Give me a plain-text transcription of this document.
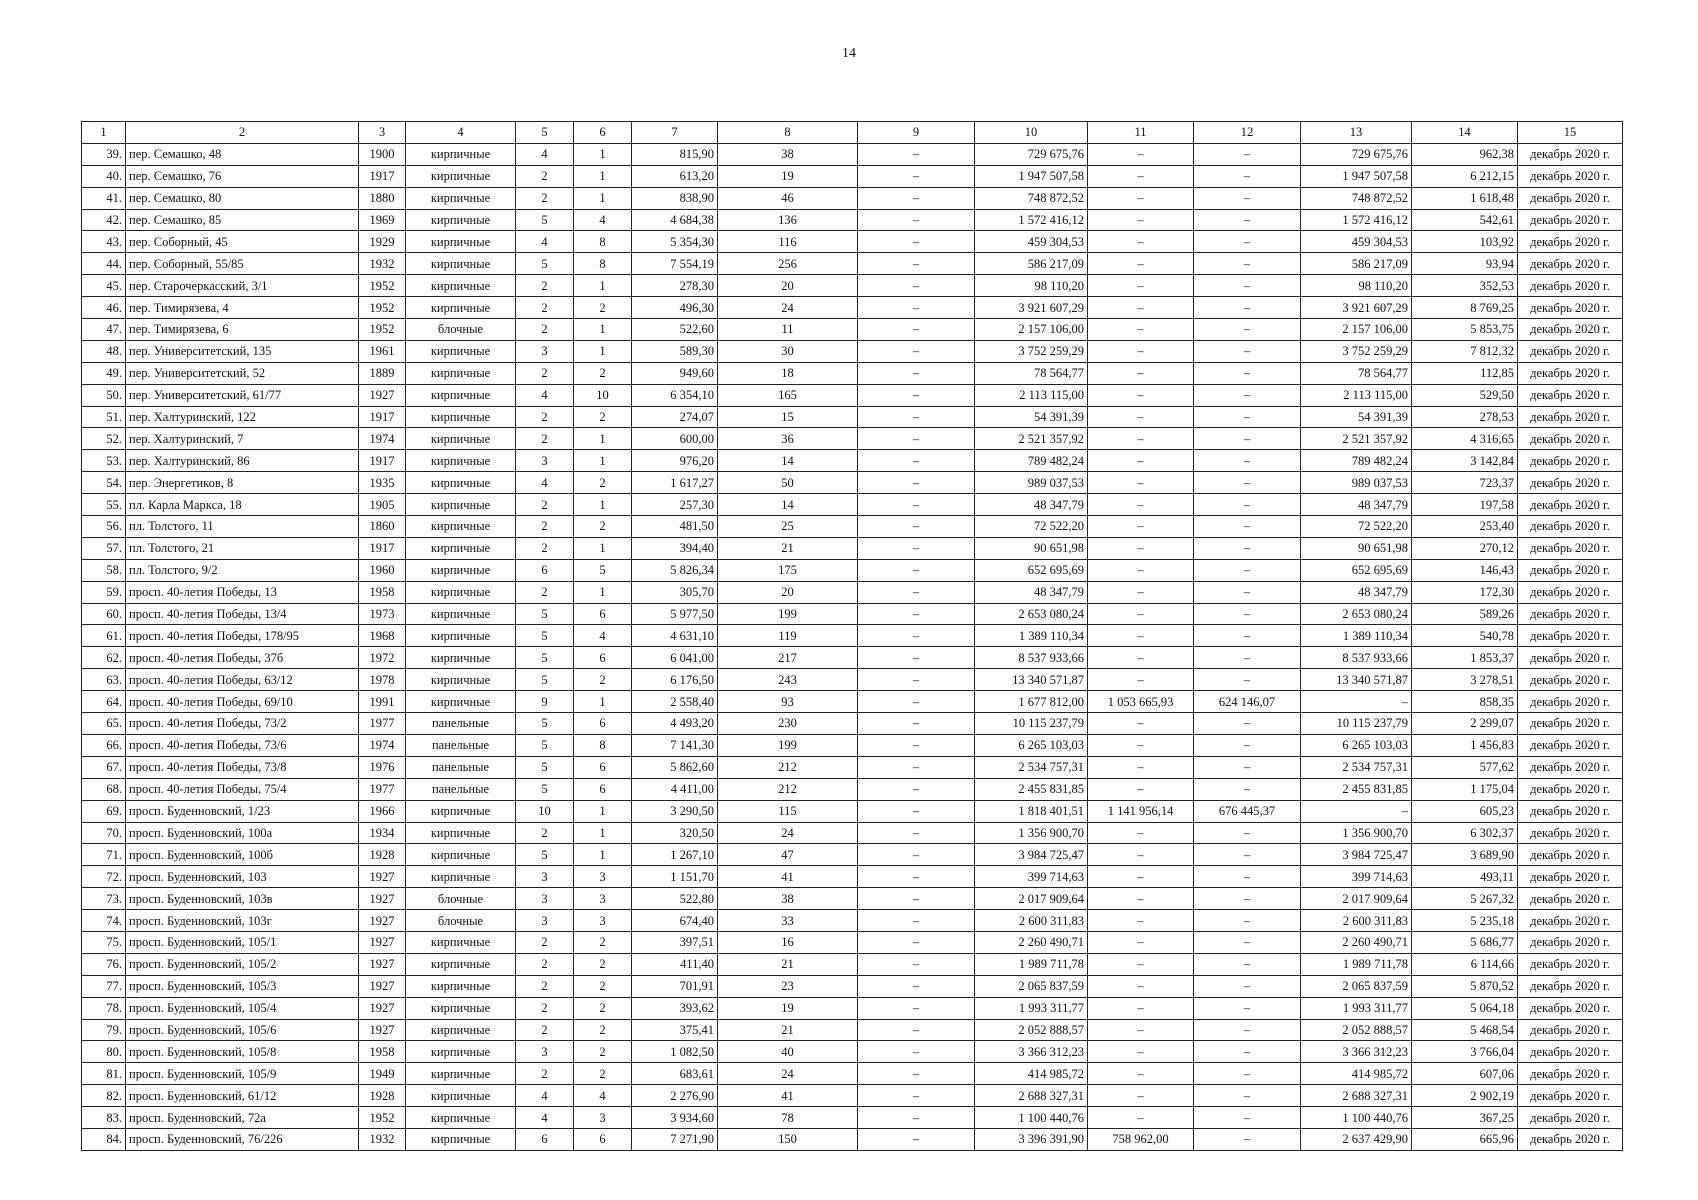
14
1	2	3	4	5	6	7	8	9	10	11	12	13	14	15
39.	пер. Семашко, 48	1900	кирпичные	4	1	815,90	38	–	729 675,76	–	–	729 675,76	962,38	декабрь 2020 г.
40.	пер. Семашко, 76	1917	кирпичные	2	1	613,20	19	–	1 947 507,58	–	–	1 947 507,58	6 212,15	декабрь 2020 г.
41.	пер. Семашко, 80	1880	кирпичные	2	1	838,90	46	–	748 872,52	–	–	748 872,52	1 618,48	декабрь 2020 г.
42.	пер. Семашко, 85	1969	кирпичные	5	4	4 684,38	136	–	1 572 416,12	–	–	1 572 416,12	542,61	декабрь 2020 г.
43.	пер. Соборный, 45	1929	кирпичные	4	8	5 354,30	116	–	459 304,53	–	–	459 304,53	103,92	декабрь 2020 г.
44.	пер. Соборный, 55/85	1932	кирпичные	5	8	7 554,19	256	–	586 217,09	–	–	586 217,09	93,94	декабрь 2020 г.
45.	пер. Старочеркасский, 3/1	1952	кирпичные	2	1	278,30	20	–	98 110,20	–	–	98 110,20	352,53	декабрь 2020 г.
46.	пер. Тимирязева, 4	1952	кирпичные	2	2	496,30	24	–	3 921 607,29	–	–	3 921 607,29	8 769,25	декабрь 2020 г.
47.	пер. Тимирязева, 6	1952	блочные	2	1	522,60	11	–	2 157 106,00	–	–	2 157 106,00	5 853,75	декабрь 2020 г.
48.	пер. Университетский, 135	1961	кирпичные	3	1	589,30	30	–	3 752 259,29	–	–	3 752 259,29	7 812,32	декабрь 2020 г.
49.	пер. Университетский, 52	1889	кирпичные	2	2	949,60	18	–	78 564,77	–	–	78 564,77	112,85	декабрь 2020 г.
50.	пер. Университетский, 61/77	1927	кирпичные	4	10	6 354,10	165	–	2 113 115,00	–	–	2 113 115,00	529,50	декабрь 2020 г.
51.	пер. Халтуринский, 122	1917	кирпичные	2	2	274,07	15	–	54 391,39	–	–	54 391,39	278,53	декабрь 2020 г.
52.	пер. Халтуринский, 7	1974	кирпичные	2	1	600,00	36	–	2 521 357,92	–	–	2 521 357,92	4 316,65	декабрь 2020 г.
53.	пер. Халтуринский, 86	1917	кирпичные	3	1	976,20	14	–	789 482,24	–	–	789 482,24	3 142,84	декабрь 2020 г.
54.	пер. Энергетиков, 8	1935	кирпичные	4	2	1 617,27	50	–	989 037,53	–	–	989 037,53	723,37	декабрь 2020 г.
55.	пл. Карла Маркса, 18	1905	кирпичные	2	1	257,30	14	–	48 347,79	–	–	48 347,79	197,58	декабрь 2020 г.
56.	пл. Толстого, 11	1860	кирпичные	2	2	481,50	25	–	72 522,20	–	–	72 522,20	253,40	декабрь 2020 г.
57.	пл. Толстого, 21	1917	кирпичные	2	1	394,40	21	–	90 651,98	–	–	90 651,98	270,12	декабрь 2020 г.
58.	пл. Толстого, 9/2	1960	кирпичные	6	5	5 826,34	175	–	652 695,69	–	–	652 695,69	146,43	декабрь 2020 г.
59.	просп. 40-летия Победы, 13	1958	кирпичные	2	1	305,70	20	–	48 347,79	–	–	48 347,79	172,30	декабрь 2020 г.
60.	просп. 40-летия Победы, 13/4	1973	кирпичные	5	6	5 977,50	199	–	2 653 080,24	–	–	2 653 080,24	589,26	декабрь 2020 г.
61.	просп. 40-летия Победы, 178/95	1968	кирпичные	5	4	4 631,10	119	–	1 389 110,34	–	–	1 389 110,34	540,78	декабрь 2020 г.
62.	просп. 40-летия Победы, 37б	1972	кирпичные	5	6	6 041,00	217	–	8 537 933,66	–	–	8 537 933,66	1 853,37	декабрь 2020 г.
63.	просп. 40-летия Победы, 63/12	1978	кирпичные	5	2	6 176,50	243	–	13 340 571,87	–	–	13 340 571,87	3 278,51	декабрь 2020 г.
64.	просп. 40-летия Победы, 69/10	1991	кирпичные	9	1	2 558,40	93	–	1 677 812,00	1 053 665,93	624 146,07	–	858,35	декабрь 2020 г.
65.	просп. 40-летия Победы, 73/2	1977	панельные	5	6	4 493,20	230	–	10 115 237,79	–	–	10 115 237,79	2 299,07	декабрь 2020 г.
66.	просп. 40-летия Победы, 73/6	1974	панельные	5	8	7 141,30	199	–	6 265 103,03	–	–	6 265 103,03	1 456,83	декабрь 2020 г.
67.	просп. 40-летия Победы, 73/8	1976	панельные	5	6	5 862,60	212	–	2 534 757,31	–	–	2 534 757,31	577,62	декабрь 2020 г.
68.	просп. 40-летия Победы, 75/4	1977	панельные	5	6	4 411,00	212	–	2 455 831,85	–	–	2 455 831,85	1 175,04	декабрь 2020 г.
69.	просп. Буденновский, 1/23	1966	кирпичные	10	1	3 290,50	115	–	1 818 401,51	1 141 956,14	676 445,37	–	605,23	декабрь 2020 г.
70.	просп. Буденновский, 100а	1934	кирпичные	2	1	320,50	24	–	1 356 900,70	–	–	1 356 900,70	6 302,37	декабрь 2020 г.
71.	просп. Буденновский, 100б	1928	кирпичные	5	1	1 267,10	47	–	3 984 725,47	–	–	3 984 725,47	3 689,90	декабрь 2020 г.
72.	просп. Буденновский, 103	1927	кирпичные	3	3	1 151,70	41	–	399 714,63	–	–	399 714,63	493,11	декабрь 2020 г.
73.	просп. Буденновский, 103в	1927	блочные	3	3	522,80	38	–	2 017 909,64	–	–	2 017 909,64	5 267,32	декабрь 2020 г.
74.	просп. Буденновский, 103г	1927	блочные	3	3	674,40	33	–	2 600 311,83	–	–	2 600 311,83	5 235,18	декабрь 2020 г.
75.	просп. Буденновский, 105/1	1927	кирпичные	2	2	397,51	16	–	2 260 490,71	–	–	2 260 490,71	5 686,77	декабрь 2020 г.
76.	просп. Буденновский, 105/2	1927	кирпичные	2	2	411,40	21	–	1 989 711,78	–	–	1 989 711,78	6 114,66	декабрь 2020 г.
77.	просп. Буденновский, 105/3	1927	кирпичные	2	2	701,91	23	–	2 065 837,59	–	–	2 065 837,59	5 870,52	декабрь 2020 г.
78.	просп. Буденновский, 105/4	1927	кирпичные	2	2	393,62	19	–	1 993 311,77	–	–	1 993 311,77	5 064,18	декабрь 2020 г.
79.	просп. Буденновский, 105/6	1927	кирпичные	2	2	375,41	21	–	2 052 888,57	–	–	2 052 888,57	5 468,54	декабрь 2020 г.
80.	просп. Буденновский, 105/8	1958	кирпичные	3	2	1 082,50	40	–	3 366 312,23	–	–	3 366 312,23	3 766,04	декабрь 2020 г.
81.	просп. Буденновский, 105/9	1949	кирпичные	2	2	683,61	24	–	414 985,72	–	–	414 985,72	607,06	декабрь 2020 г.
82.	просп. Буденновский, 61/12	1928	кирпичные	4	4	2 276,90	41	–	2 688 327,31	–	–	2 688 327,31	2 902,19	декабрь 2020 г.
83.	просп. Буденновский, 72а	1952	кирпичные	4	3	3 934,60	78	–	1 100 440,76	–	–	1 100 440,76	367,25	декабрь 2020 г.
84.	просп. Буденновский, 76/226	1932	кирпичные	6	6	7 271,90	150	–	3 396 391,90	758 962,00	–	2 637 429,90	665,96	декабрь 2020 г.
